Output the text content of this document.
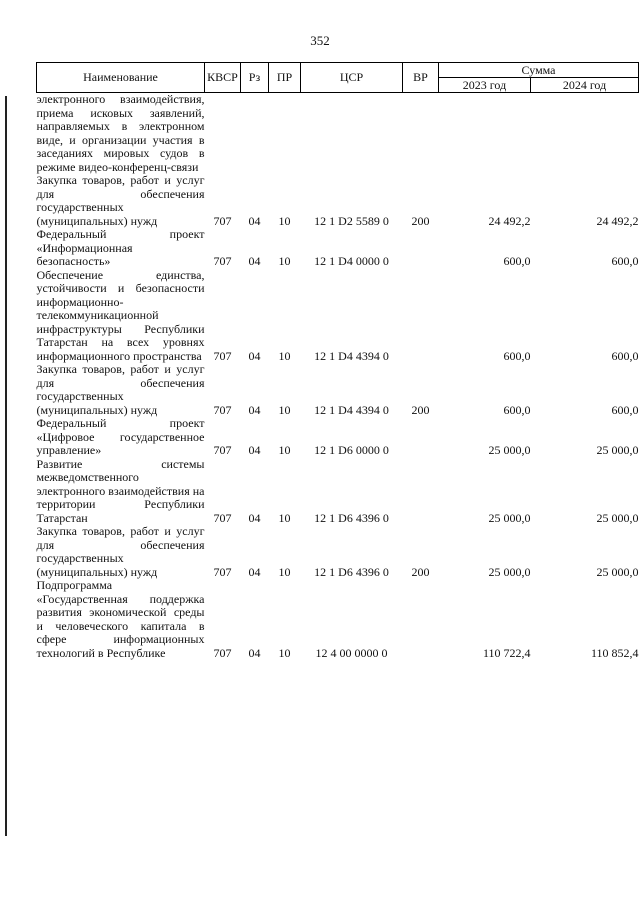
352
Наименование	КВСР	Рз	ПР	ЦСР	ВР	Сумма	
						2023 год	2024 год
электронного взаимодействия, приема исковых заявлений, направляемых в электронном виде, и организации участия в заседаниях мировых судов в режиме видео-конференц-связи							
Закупка товаров, работ и услуг для обеспечения государственных (муниципальных) нужд	707	04	10	12 1 D2 5589 0	200	24 492,2	24 492,2
Федеральный проект «Информационная безопасность»	707	04	10	12 1 D4 0000 0		600,0	600,0
Обеспечение единства, устойчивости и безопасности информационно-телекоммуникационной инфраструктуры Республики Татарстан на всех уровнях информационного пространства	707	04	10	12 1 D4 4394 0		600,0	600,0
Закупка товаров, работ и услуг для обеспечения государственных (муниципальных) нужд	707	04	10	12 1 D4 4394 0	200	600,0	600,0
Федеральный проект «Цифровое государственное управление»	707	04	10	12 1 D6 0000 0		25 000,0	25 000,0
Развитие системы межведомственного электронного взаимодействия на территории Республики Татарстан	707	04	10	12 1 D6 4396 0		25 000,0	25 000,0
Закупка товаров, работ и услуг для обеспечения государственных (муниципальных) нужд	707	04	10	12 1 D6 4396 0	200	25 000,0	25 000,0
Подпрограмма «Государственная поддержка развития экономической среды и человеческого капитала в сфере информационных технологий в Республике	707	04	10	12 4 00 0000 0		110 722,4	110 852,4
